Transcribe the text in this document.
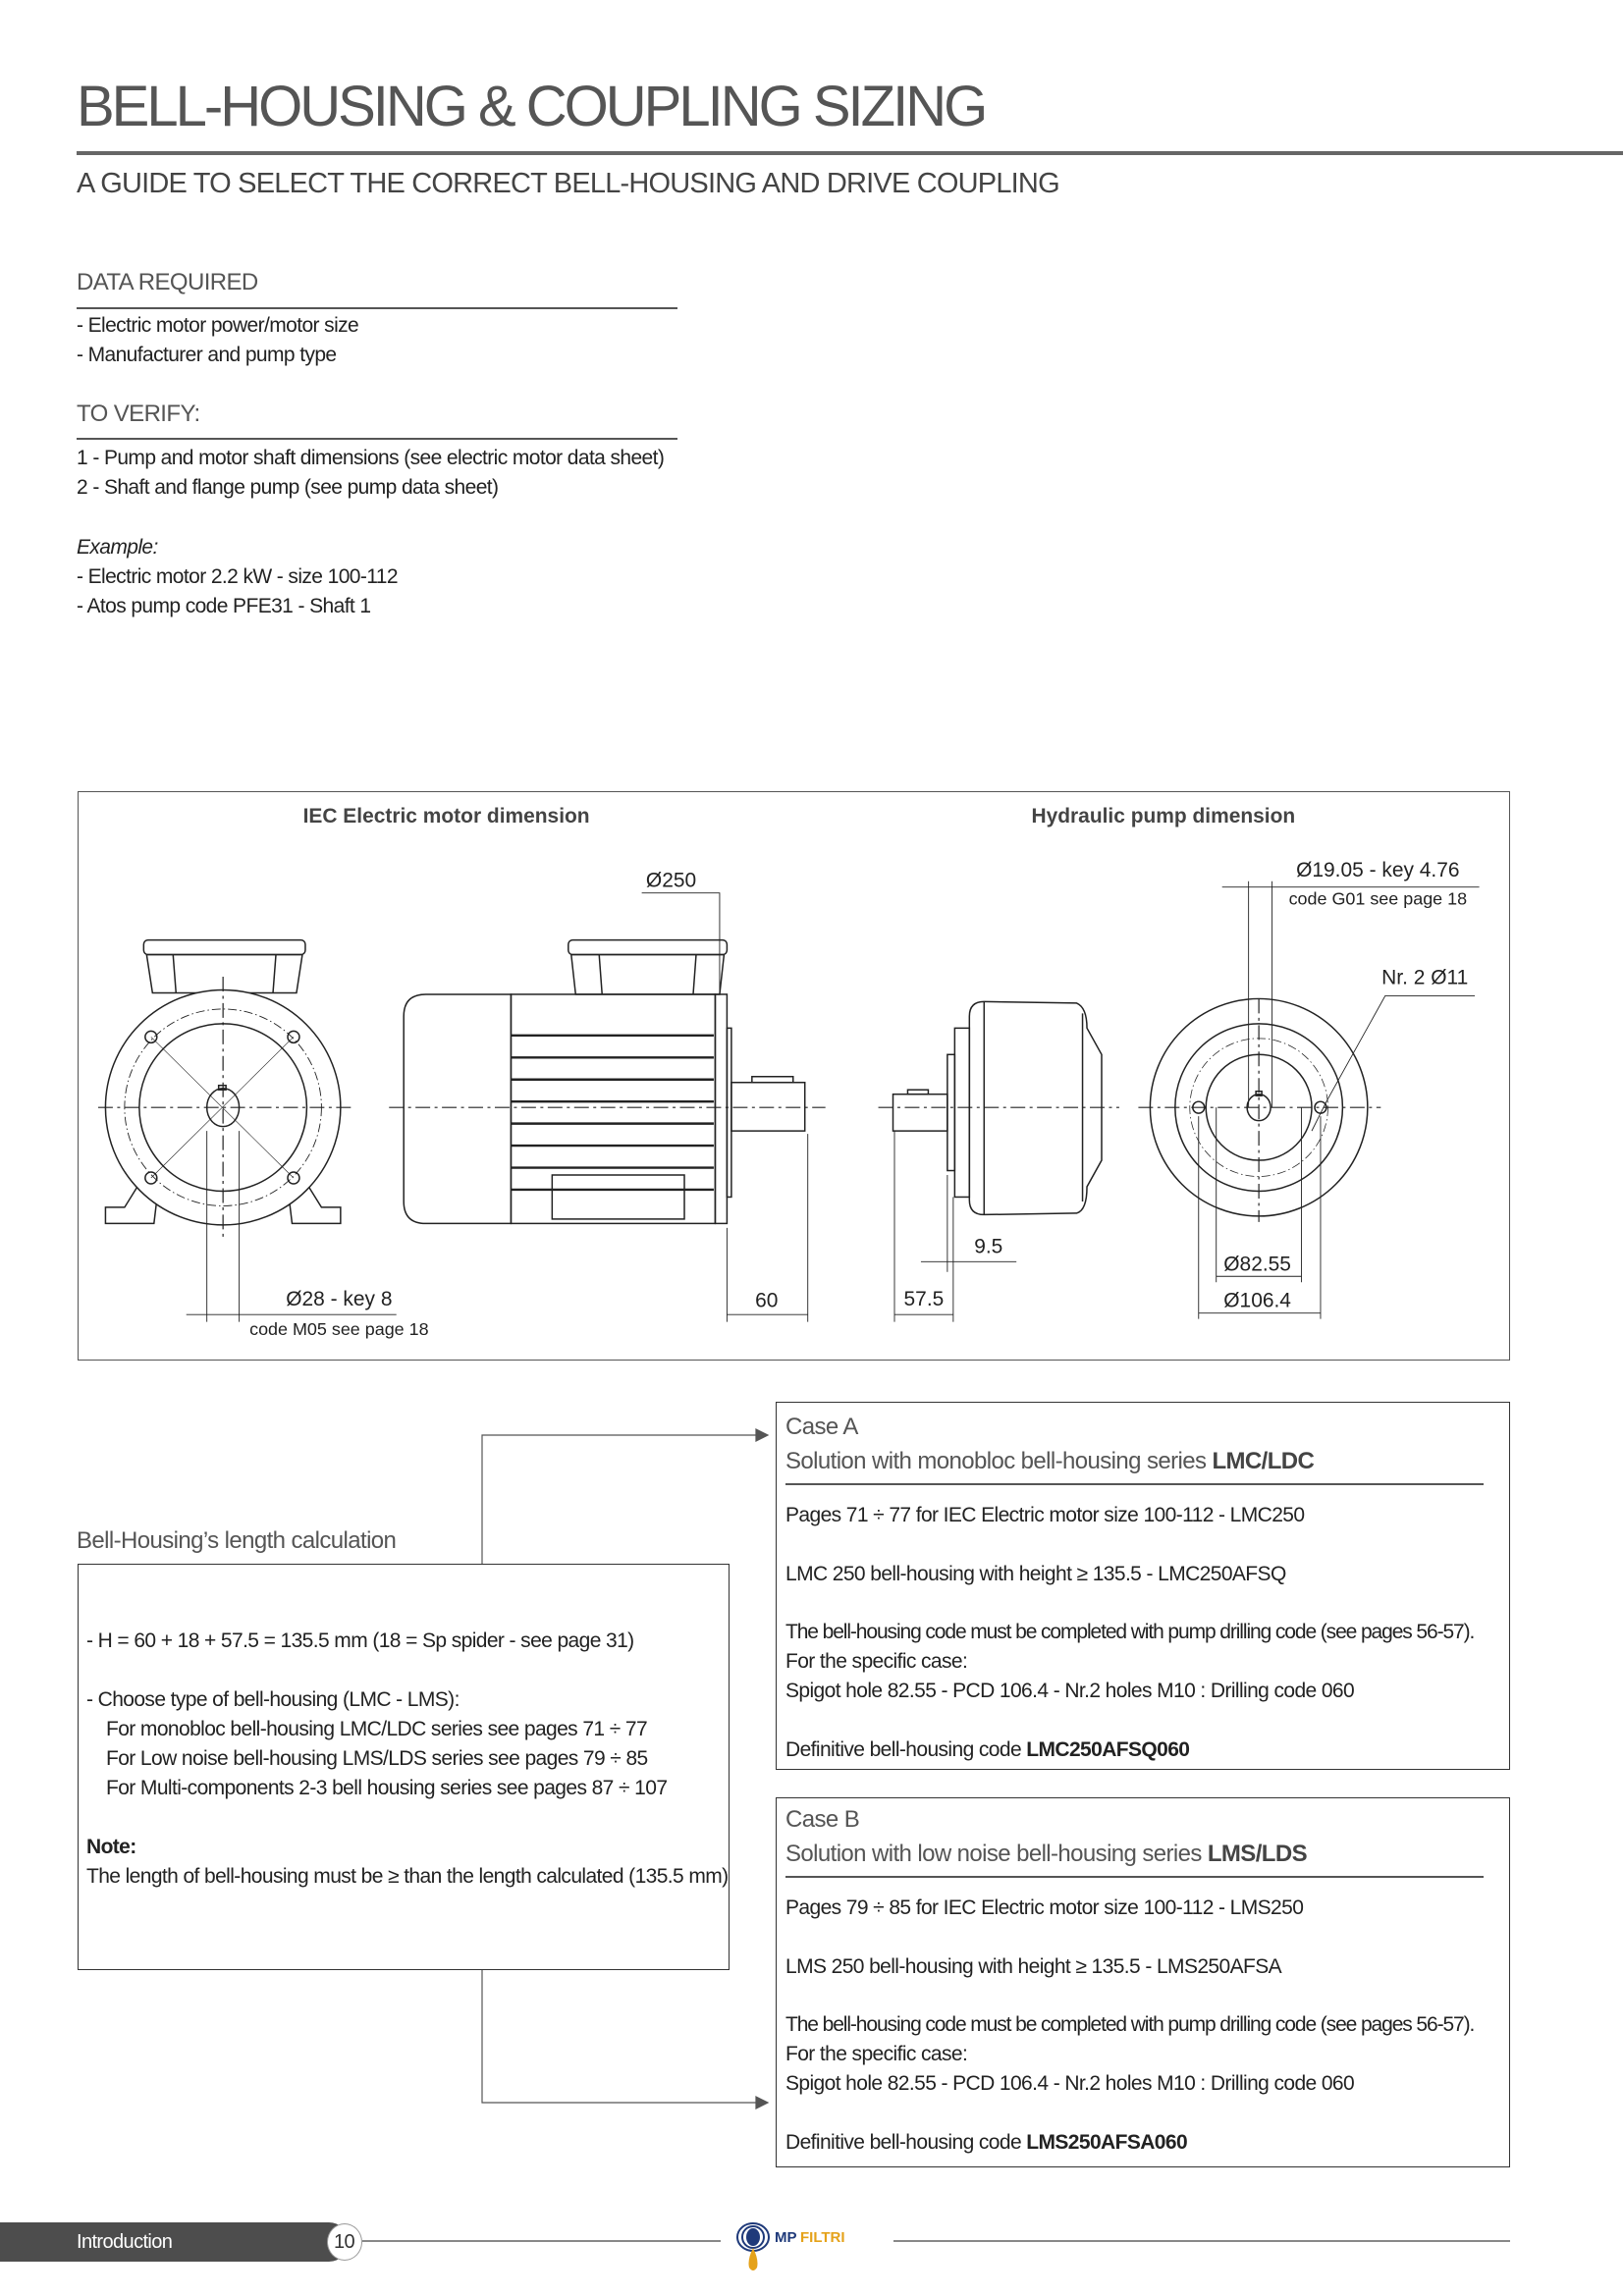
BELL-HOUSING & COUPLING SIZING
A GUIDE TO SELECT THE CORRECT BELL-HOUSING AND DRIVE COUPLING
DATA REQUIRED
- Electric motor power/motor size
- Manufacturer and pump type
TO VERIFY:
1 - Pump and motor shaft dimensions (see electric motor data sheet)
2 - Shaft and flange pump (see pump data sheet)
Example:
- Electric motor 2.2 kW - size 100-112
- Atos pump code PFE31 - Shaft 1
IEC Electric motor dimension	Hydraulic pump dimension
Ø250
Ø28 - key 8
code M05 see page 18
60
9.5
57.5
Ø19.05 - key 4.76
code G01 see page 18
Nr. 2 Ø11
Ø82.55
Ø106.4
Bell-Housing’s length calculation
- H = 60 + 18 + 57.5 = 135.5 mm (18 = Sp spider - see page 31)
- Choose type of bell-housing (LMC - LMS):
For monobloc bell-housing LMC/LDC series see pages 71 ÷ 77
For Low noise bell-housing LMS/LDS series see pages 79 ÷ 85
For Multi-components 2-3 bell housing series see pages 87 ÷ 107
Note:
The length of bell-housing must be ≥ than the length calculated (135.5 mm)
Case A
Solution with monobloc bell-housing series LMC/LDC
Pages 71 ÷ 77 for IEC Electric motor size 100-112 - LMC250
LMC 250 bell-housing with height ≥ 135.5 - LMC250AFSQ
The bell-housing code must be completed with pump drilling code (see pages 56-57).
For the specific case:
Spigot hole 82.55 - PCD 106.4 - Nr.2 holes M10 : Drilling code 060
Definitive bell-housing code LMC250AFSQ060
Case B
Solution with low noise bell-housing series LMS/LDS
Pages 79 ÷ 85 for IEC Electric motor size 100-112 - LMS250
LMS 250 bell-housing with height ≥ 135.5 - LMS250AFSA
The bell-housing code must be completed with pump drilling code (see pages 56-57).
For the specific case:
Spigot hole 82.55 - PCD 106.4 - Nr.2 holes M10 : Drilling code 060
Definitive bell-housing code LMS250AFSA060
Introduction	10	MP FILTRI
